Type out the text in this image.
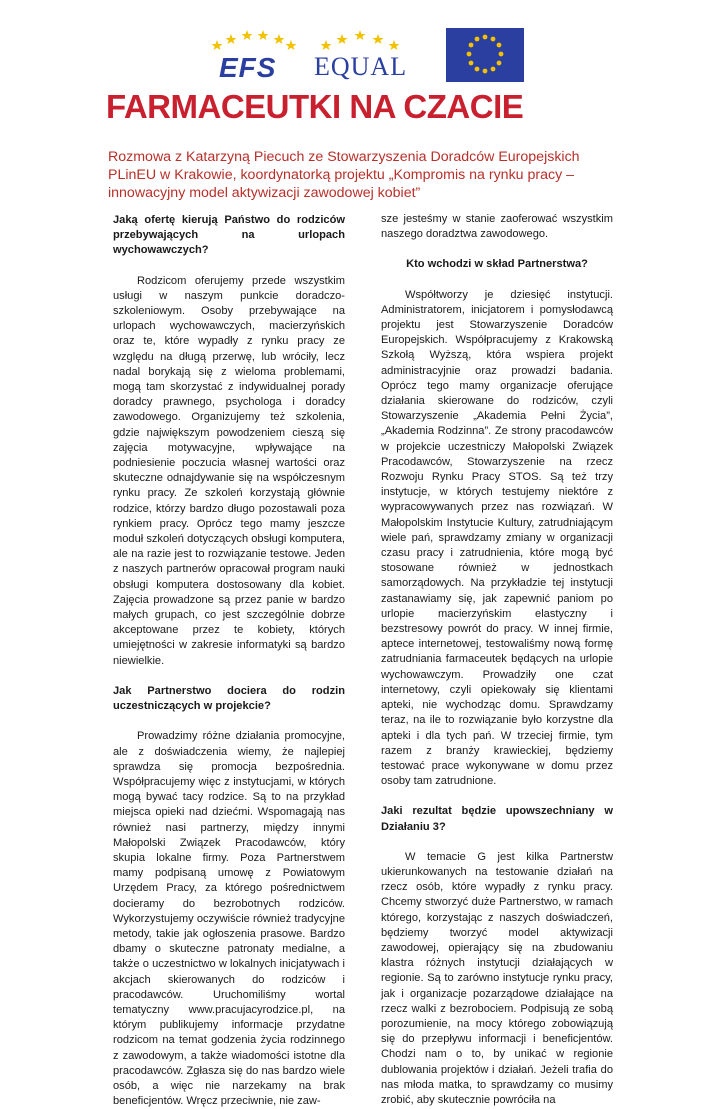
EFS EQUAL
FARMACEUTKI NA CZACIE

Rozmowa z Katarzyną Piecuch ze Stowarzyszenia Doradców Europejskich PLinEU w Krakowie, koordynatorką projektu „Kompromis na rynku pracy – innowacyjny model aktywizacji zawodowej kobiet”

Jaką ofertę kierują Państwo do rodziców przebywających na urlopach wychowawczych?

Rodzicom oferujemy przede wszystkim usługi w naszym punkcie doradczo-szkoleniowym. Osoby przebywające na urlopach wychowawczych, macierzyńskich oraz te, które wypadły z rynku pracy ze względu na długą przerwę, lub wróciły, lecz nadal borykają się z wieloma problemami, mogą tam skorzystać z indywidualnej porady doradcy prawnego, psychologa i doradcy zawodowego. Organizujemy też szkolenia, gdzie największym powodzeniem cieszą się zajęcia motywacyjne, wpływające na podniesienie poczucia własnej wartości oraz skuteczne odnajdywanie się na współczesnym rynku pracy. Ze szkoleń korzystają głównie rodzice, którzy bardzo długo pozostawali poza rynkiem pracy. Oprócz tego mamy jeszcze moduł szkoleń dotyczących obsługi komputera, ale na razie jest to rozwiązanie testowe. Jeden z naszych partnerów opracował program nauki obsługi komputera dostosowany dla kobiet. Zajęcia prowadzone są przez panie w bardzo małych grupach, co jest szczególnie dobrze akceptowane przez te kobiety, których umiejętności w zakresie informatyki są bardzo niewielkie.

Jak Partnerstwo dociera do rodzin uczestniczących w projekcie?

Prowadzimy różne działania promocyjne, ale z doświadczenia wiemy, że najlepiej sprawdza się promocja bezpośrednia. Współpracujemy więc z instytucjami, w których mogą bywać tacy rodzice. Są to na przykład miejsca opieki nad dziećmi. Wspomagają nas również nasi partnerzy, między innymi Małopolski Związek Pracodawców, który skupia lokalne firmy. Poza Partnerstwem mamy podpisaną umowę z Powiatowym Urzędem Pracy, za którego pośrednictwem docieramy do bezrobotnych rodziców. Wykorzystujemy oczywiście również tradycyjne metody, takie jak ogłoszenia prasowe. Bardzo dbamy o skuteczne patronaty medialne, a także o uczestnictwo w lokalnych inicjatywach i akcjach skierowanych do rodziców i pracodawców. Uruchomiliśmy wortal tematyczny www.pracujacyrodzice.pl, na którym publikujemy informacje przydatne rodzicom na temat godzenia życia rodzinnego z zawodowym, a także wiadomości istotne dla pracodawców. Zgłasza się do nas bardzo wiele osób, a więc nie narzekamy na brak beneficjentów. Wręcz przeciwnie, nie zaw-

sze jesteśmy w stanie zaoferować wszystkim naszego doradztwa zawodowego.

Kto wchodzi w skład Partnerstwa?

Współtworzy je dziesięć instytucji. Administratorem, inicjatorem i pomysłodawcą projektu jest Stowarzyszenie Doradców Europejskich. Współpracujemy z Krakowską Szkołą Wyższą, która wspiera projekt administracyjnie oraz prowadzi badania. Oprócz tego mamy organizacje oferujące działania skierowane do rodziców, czyli Stowarzyszenie „Akademia Pełni Życia”, „Akademia Rodzinna”. Ze strony pracodawców w projekcie uczestniczy Małopolski Związek Pracodawców, Stowarzyszenie na rzecz Rozwoju Rynku Pracy STOS. Są też trzy instytucje, w których testujemy niektóre z wypracowywanych przez nas rozwiązań. W Małopolskim Instytucie Kultury, zatrudniającym wiele pań, sprawdzamy zmiany w organizacji czasu pracy i zatrudnienia, które mogą być stosowane również w jednostkach samorządowych. Na przykładzie tej instytucji zastanawiamy się, jak zapewnić paniom po urlopie macierzyńskim elastyczny i bezstresowy powrót do pracy. W innej firmie, aptece internetowej, testowaliśmy nową formę zatrudniania farmaceutek będących na urlopie wychowawczym. Prowadziły one czat internetowy, czyli opiekowały się klientami apteki, nie wychodząc domu. Sprawdzamy teraz, na ile to rozwiązanie było korzystne dla apteki i dla tych pań. W trzeciej firmie, tym razem z branży krawieckiej, będziemy testować prace wykonywane w domu przez osoby tam zatrudnione.

Jaki rezultat będzie upowszechniany w Działaniu 3?

W temacie G jest kilka Partnerstw ukierunkowanych na testowanie działań na rzecz osób, które wypadły z rynku pracy. Chcemy stworzyć duże Partnerstwo, w ramach którego, korzystając z naszych doświadczeń, będziemy tworzyć model aktywizacji zawodowej, opierający się na zbudowaniu klastra różnych instytucji działających w regionie. Są to zarówno instytucje rynku pracy, jak i organizacje pozarządowe działające na rzecz walki z bezrobociem. Podpisują ze sobą porozumienie, na mocy którego zobowiązują się do przepływu informacji i beneficjentów. Chodzi nam o to, by unikać w regionie dublowania projektów i działań. Jeżeli trafia do nas młoda matka, to sprawdzamy co musimy zrobić, aby skutecznie powróciła na
